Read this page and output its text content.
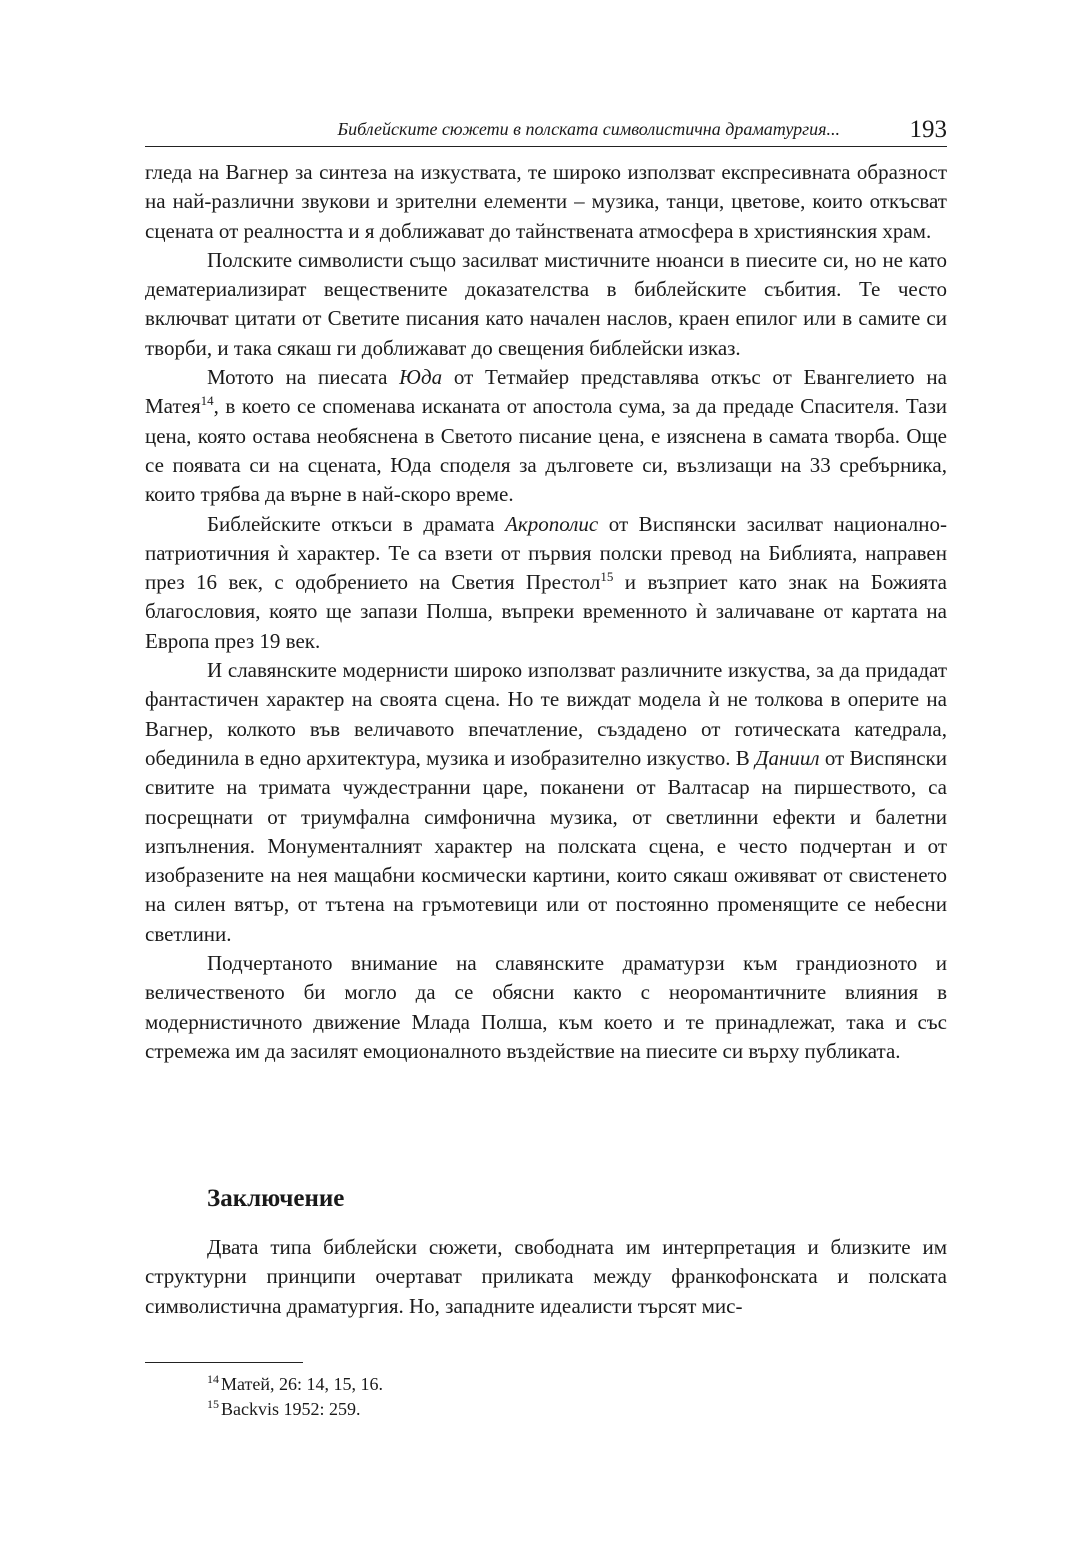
Библейските сюжети в полската символистична драматургия...	193

гледа на Вагнер за синтеза на изкуствата, те широко използват експресивната образност на най-различни звукови и зрителни елементи – музика, танци, цветове, които откъсват сцената от реалността и я доближават до тайнствената атмосфера в християнския храм.

Полските символисти също засилват мистичните нюанси в пиесите си, но не като дематериализират веществените доказателства в библейските събития. Те често включват цитати от Светите писания като начален наслов, краен епилог или в самите си творби, и така сякаш ги доближават до свещения библейски изказ.

Мотото на пиесата Юда от Тетмайер представлява откъс от Евангелието на Матея$^{14}$, в което се споменава исканата от апостола сума, за да предаде Спасителя. Тази цена, която остава необяснена в Светото писание цена, е изяснена в самата творба. Още се появата си на сцената, Юда споделя за дълговете си, възлизащи на 33 сребърника, които трябва да върне в най-скоро време.

Библейските откъси в драмата Акрополис от Виспянски засилват национално-патриотичния ѝ характер. Те са взети от първия полски превод на Библията, направен през 16 век, с одобрението на Светия Престол$^{15}$ и възприет като знак на Божията благословия, която ще запази Полша, въпреки временното ѝ заличаване от картата на Европа през 19 век.

И славянските модернисти широко използват различните изкуства, за да придадат фантастичен характер на своята сцена. Но те виждат модела ѝ не толкова в оперите на Вагнер, колкото във величавото впечатление, създадено от готическата катедрала, обединила в едно архитектура, музика и изобразително изкуство. В Даниил от Виспянски свитите на тримата чуждестранни царе, поканени от Валтасар на пиршеството, са посрещнати от триумфална симфонична музика, от светлинни ефекти и балетни изпълнения. Монументалният характер на полската сцена, е често подчертан и от изобразените на нея мащабни космически картини, които сякаш оживяват от свистенето на силен вятър, от тътена на гръмотевици или от постоянно променящите се небесни светлини.

Подчертаното внимание на славянските драматурзи към грандиозното и величественото би могло да се обясни както с неоромантичните влияния в модернистичното движение Млада Полша, към което и те принадлежат, така и със стремежа им да засилят емоционалното въздействие на пиесите си върху публиката.

Заключение

Двата типа библейски сюжети, свободната им интерпретация и близките им структурни принципи очертават приликата между франкофонската и полската символистична драматургия. Но, западните идеалисти търсят мис-

$^{14}$ Матей, 26: 14, 15, 16.
$^{15}$ Backvis 1952: 259.
